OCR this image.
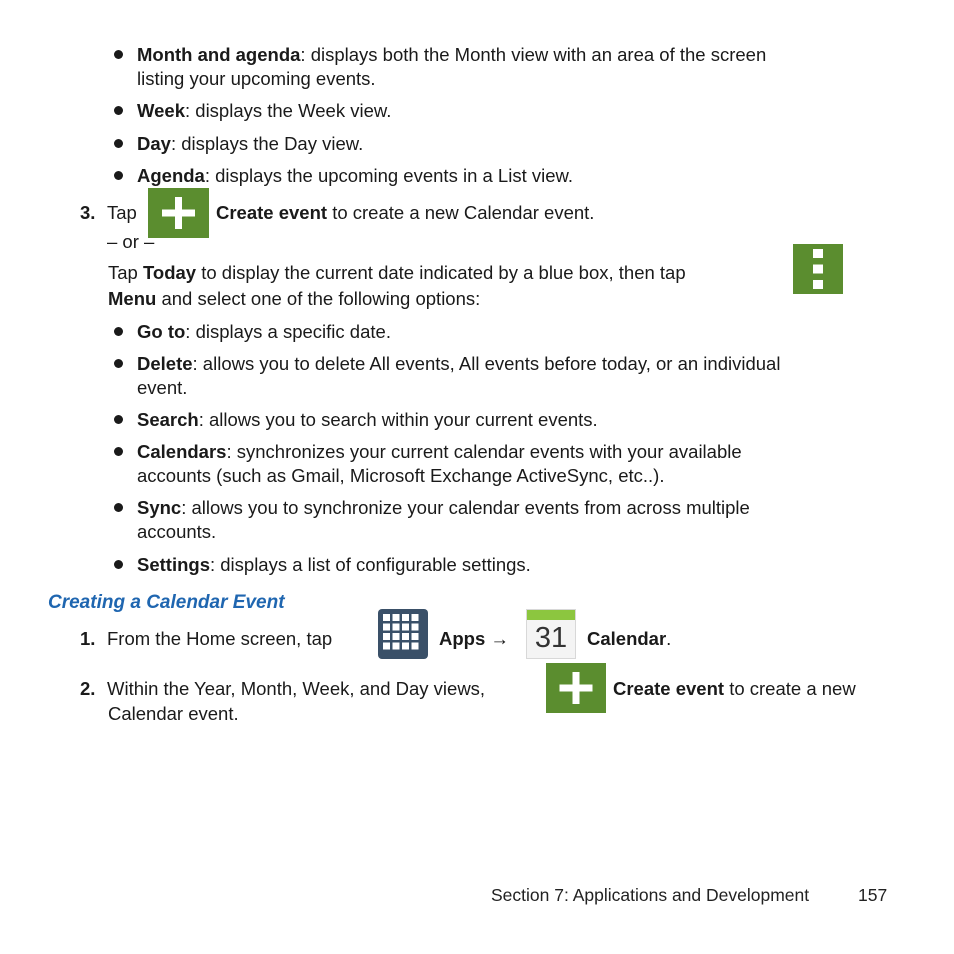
Month and agenda: displays both the Month view with an area of the screen
listing your upcoming events.
Week: displays the Week view.
Day: displays the Day view.
Agenda: displays the upcoming events in a List view.
3. Tap	Create event to create a new Calendar event.
– or –
Tap Today to display the current date indicated by a blue box, then tap
Menu and select one of the following options:
Go to: displays a specific date.
Delete: allows you to delete All events, All events before today, or an individual
event.
Search: allows you to search within your current events.
Calendars: synchronizes your current calendar events with your available
accounts (such as Gmail, Microsoft Exchange ActiveSync, etc..).
Sync: allows you to synchronize your calendar events from across multiple
accounts.
Settings: displays a list of configurable settings.
Creating a Calendar Event
1. From the Home screen, tap	Apps → 31	Calendar.
2. Within the Year, Month, Week, and Day views,	Create event to create a new
Calendar event.
Section 7: Applications and Development	157
